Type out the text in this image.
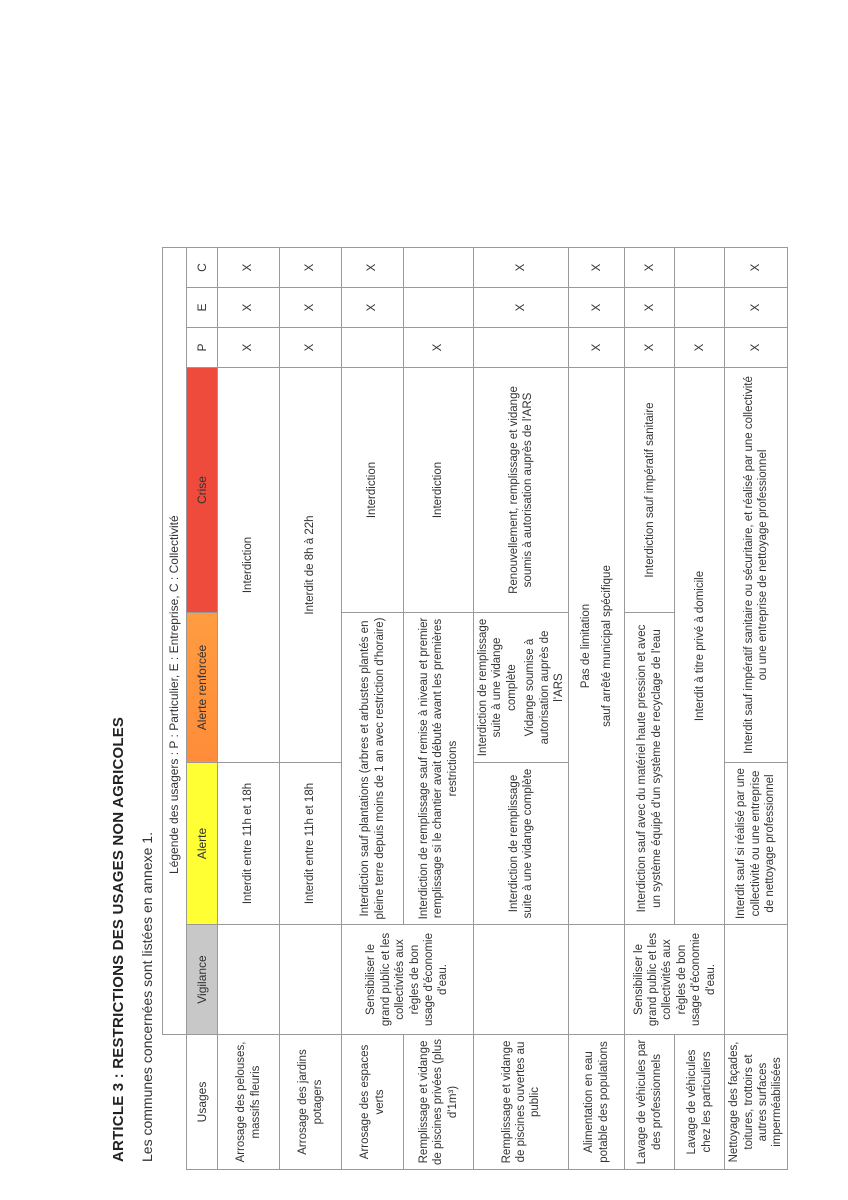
ARTICLE 3 : RESTRICTIONS DES USAGES NON AGRICOLES Les communes concernées sont listées en annexe 1.
	Légende des usagers : P : Particulier, E : Entreprise, C : Collectivité						
Usages	Vigilance	Alerte	Alerte renforcée	Crise	P	E	C
Arrosage des pelouses, massifs fleuris		Interdit entre 11h et 18h	Interdiction		X	X	X
Arrosage des jardins potagers		Interdit entre 11h et 18h	Interdit de 8h à 22h		X	X	X
Arrosage des espaces verts	Sensibiliser le grand public et les collectivités aux règles de bon usage d'économie d'eau.	Interdiction sauf plantations (arbres et arbustes plantés en pleine terre depuis moins de 1 an avec restriction d'horaire)		Interdiction		X	X
Remplissage et vidange de piscines privées (plus d'1m³)		Interdiction de remplissage sauf remise à niveau et premier remplissage si le chantier avait débuté avant les premières restrictions		Interdiction	X		
Remplissage et vidange de piscines ouvertes au public		Interdiction de remplissage suite à une vidange complète	Interdiction de remplissage suite à une vidange complète Vidange soumise à autorisation auprès de l'ARS	Renouvellement, remplissage et vidange soumis à autorisation auprès de l'ARS		X	X
Alimentation en eau potable des populations		Pas de limitation sauf arrêté municipal spécifique			X	X	X
Lavage de véhicules par des professionnels	Sensibiliser le grand public et les collectivités aux règles de bon usage d'économie d'eau.	Interdiction sauf avec du matériel haute pression et avec un système équipé d'un système de recyclage de l'eau		Interdiction sauf impératif sanitaire	X	X	X
Lavage de véhicules chez les particuliers		Interdit à titre privé à domicile			X		
Nettoyage des façades, toitures, trottoirs et autres surfaces imperméabilisées		Interdit sauf si réalisé par une collectivité ou une entreprise de nettoyage professionnel	Interdit sauf impératif sanitaire ou sécuritaire, et réalisé par une collectivité ou une entreprise de nettoyage professionnel		X	X	X
